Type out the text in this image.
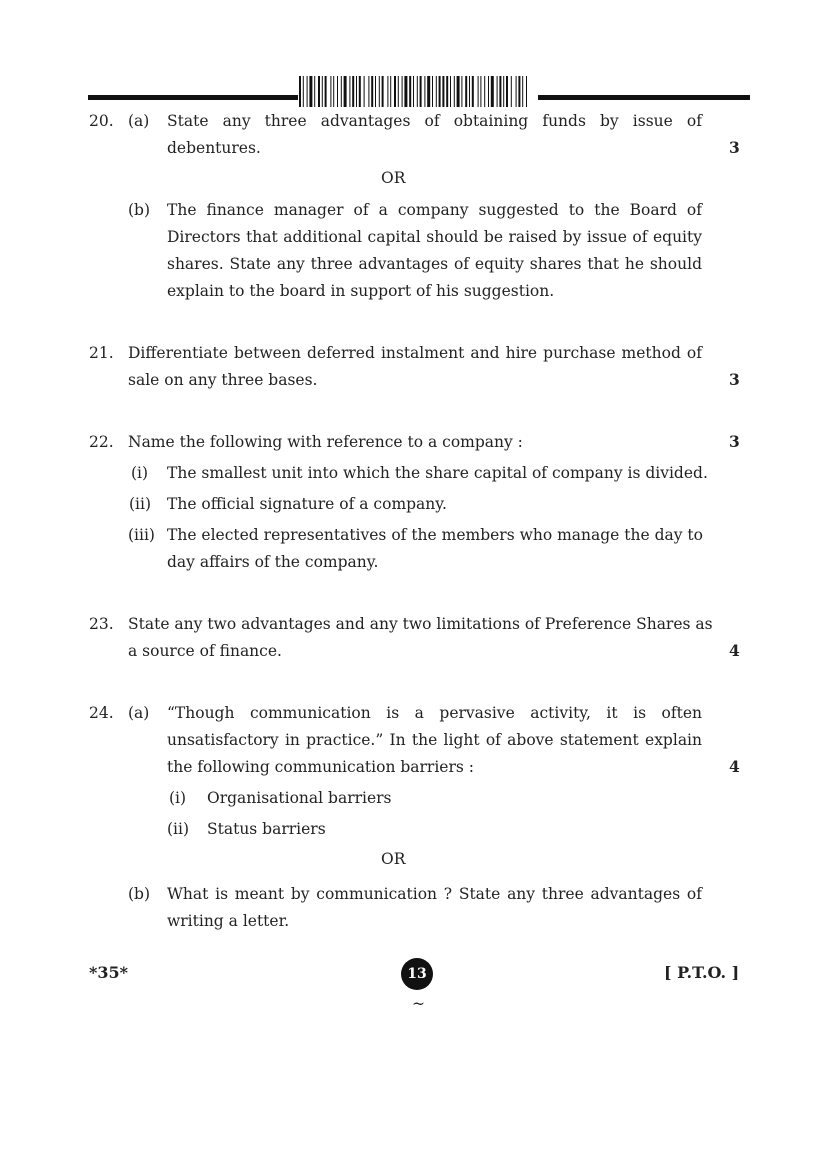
20. (a) State any three advantages of obtaining funds by issue of
debentures.	3
OR
(b) The finance manager of a company suggested to the Board of
Directors that additional capital should be raised by issue of equity
shares. State any three advantages of equity shares that he should
explain to the board in support of his suggestion.
21. Differentiate between deferred instalment and hire purchase method of
sale on any three bases.	3
22. Name the following with reference to a company :	3
(i) The smallest unit into which the share capital of company is divided.
(ii) The official signature of a company.
(iii) The elected representatives of the members who manage the day to
day affairs of the company.
23. State any two advantages and any two limitations of Preference Shares as
a source of finance.	4
24. (a) “Though communication is a pervasive activity, it is often
unsatisfactory in practice.” In the light of above statement explain
the following communication barriers :	4
(i) Organisational barriers
(ii) Status barriers
OR
(b) What is meant by communication ? State any three advantages of
writing a letter.
*35*	13	[ P.T.O. ]
~
